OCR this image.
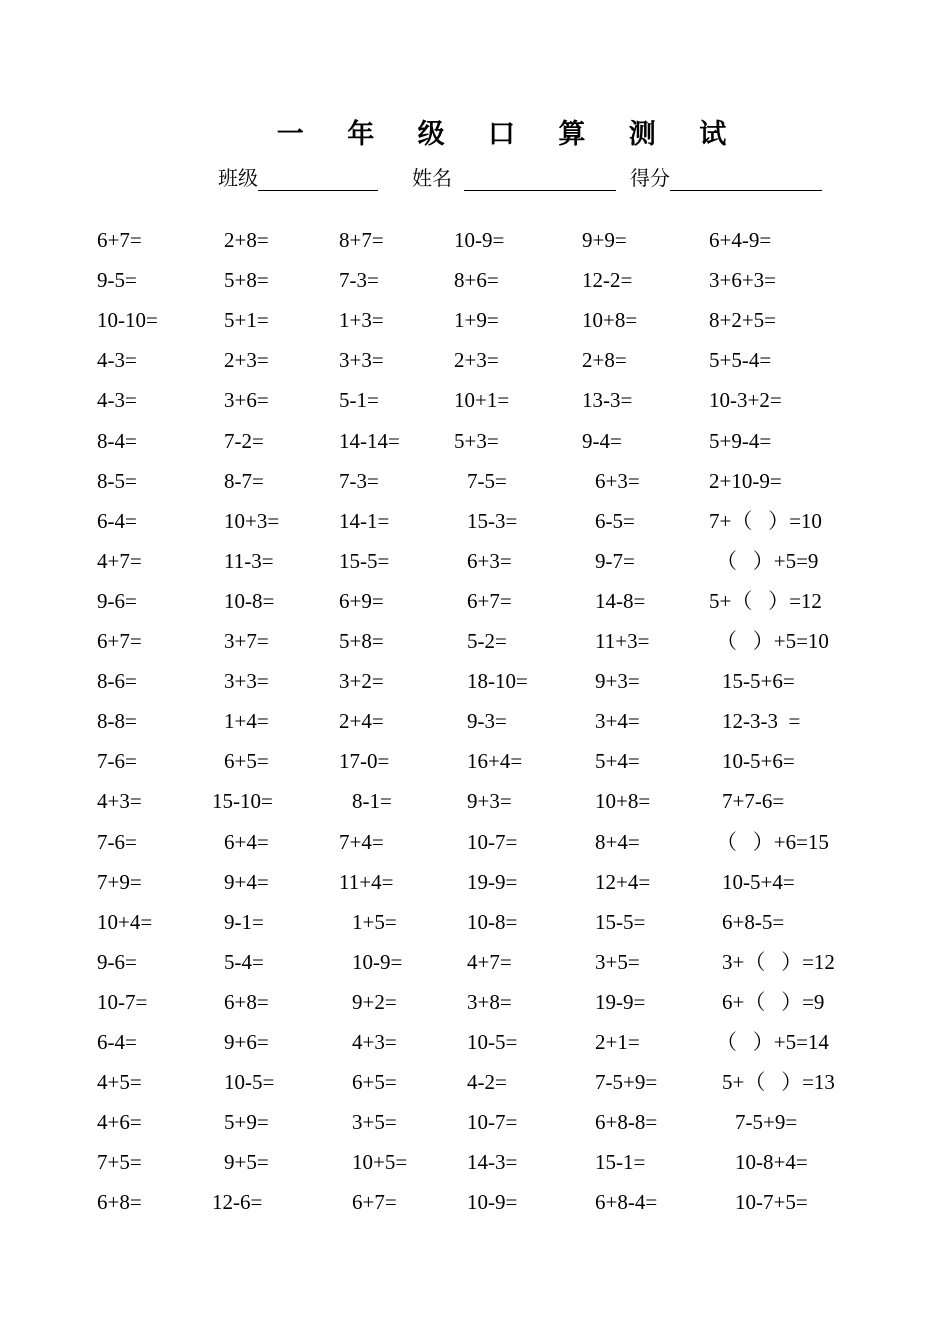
一 年 级 口 算 测 试
班级	姓名	得分
6+7=	2+8=	8+7=	10-9=	9+9=	6+4-9=
9-5=	5+8=	7-3=	8+6=	12-2=	3+6+3=
10-10=	5+1=	1+3=	1+9=	10+8=	8+2+5=
4-3=	2+3=	3+3=	2+3=	2+8=	5+5-4=
4-3=	3+6=	5-1=	10+1=	13-3=	10-3+2=
8-4=	7-2=	14-14=	5+3=	9-4=	5+9-4=
8-5=	8-7=	7-3=	7-5=	6+3=	2+10-9=
6-4=	10+3=	14-1=	15-3=	6-5=	7+（   ）=10
4+7=	11-3=	15-5=	6+3=	9-7=	（   ）+5=9
9-6=	10-8=	6+9=	6+7=	14-8=	5+（   ）=12
6+7=	3+7=	5+8=	5-2=	11+3=	（   ）+5=10
8-6=	3+3=	3+2=	18-10=	9+3=	15-5+6=
8-8=	1+4=	2+4=	9-3=	3+4=	12-3-3  =
7-6=	6+5=	17-0=	16+4=	5+4=	10-5+6=
4+3=	15-10=	8-1=	9+3=	10+8=	7+7-6=
7-6=	6+4=	7+4=	10-7=	8+4=	（   ）+6=15
7+9=	9+4=	11+4=	19-9=	12+4=	10-5+4=
10+4=	9-1=	1+5=	10-8=	15-5=	6+8-5=
9-6=	5-4=	10-9=	4+7=	3+5=	3+（   ）=12
10-7=	6+8=	9+2=	3+8=	19-9=	6+（   ）=9
6-4=	9+6=	4+3=	10-5=	2+1=	（   ）+5=14
4+5=	10-5=	6+5=	4-2=	7-5+9=	5+（   ）=13
4+6=	5+9=	3+5=	10-7=	6+8-8=	7-5+9=
7+5=	9+5=	10+5=	14-3=	15-1=	10-8+4=
6+8=	12-6=	6+7=	10-9=	6+8-4=	10-7+5=
